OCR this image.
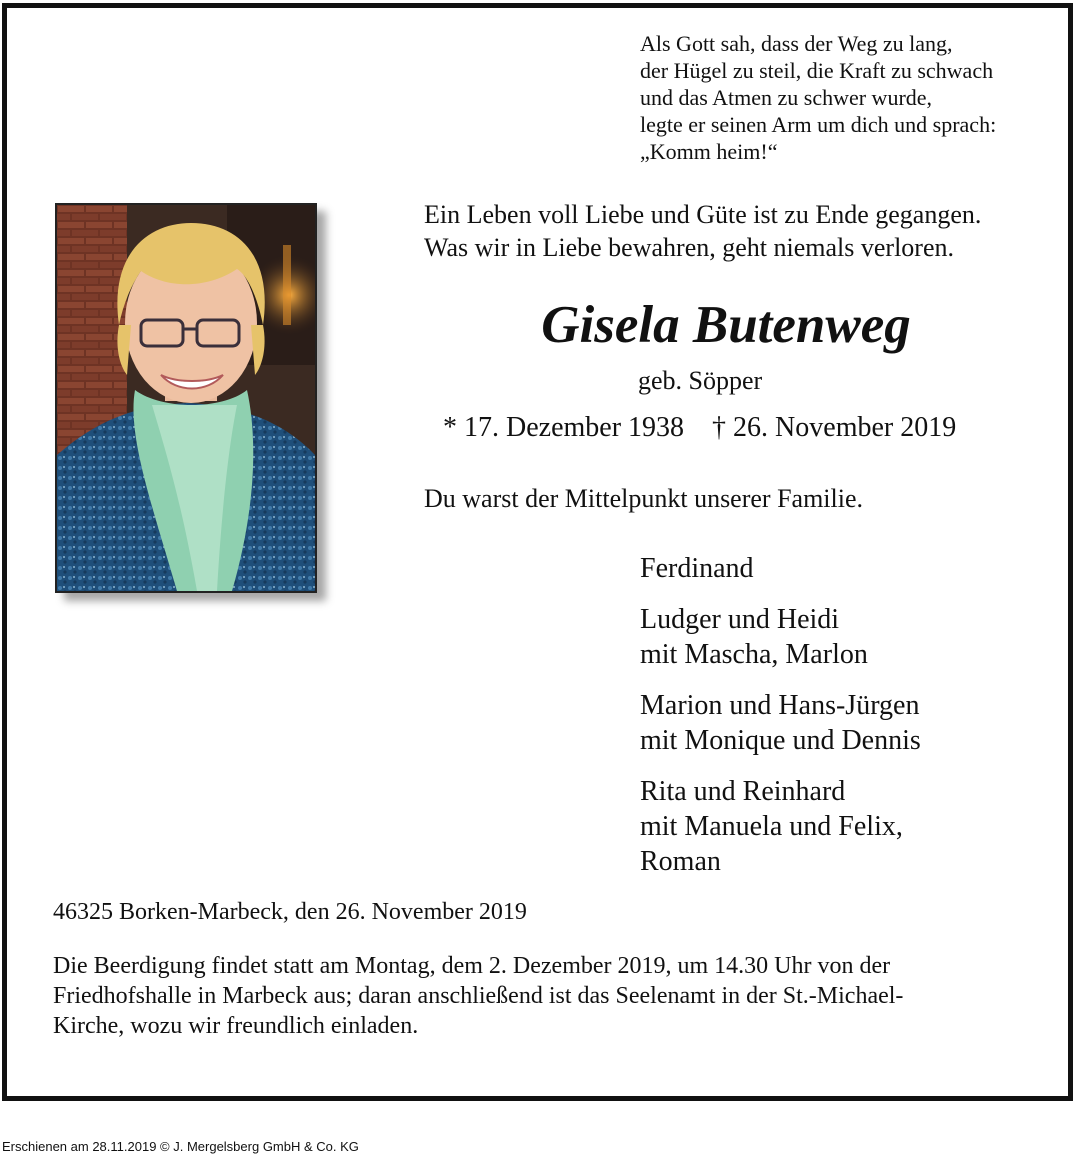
Als Gott sah, dass der Weg zu lang,
der Hügel zu steil, die Kraft zu schwach
und das Atmen zu schwer wurde,
legte er seinen Arm um dich und sprach:
„Komm heim!“
Ein Leben voll Liebe und Güte ist zu Ende gegangen.
Was wir in Liebe bewahren, geht niemals verloren.
Gisela Butenweg
geb. Söpper
* 17. Dezember 1938 † 26. November 2019
Du warst der Mittelpunkt unserer Familie.
Ferdinand
Ludger und Heidi
mit Mascha, Marlon
Marion und Hans-Jürgen
mit Monique und Dennis
Rita und Reinhard
mit Manuela und Felix,
Roman
46325 Borken-Marbeck, den 26. November 2019
Die Beerdigung findet statt am Montag, dem 2. Dezember 2019, um 14.30 Uhr von der
Friedhofshalle in Marbeck aus; daran anschließend ist das Seelenamt in der St.-Michael-
Kirche, wozu wir freundlich einladen.
Erschienen am 28.11.2019 © J. Mergelsberg GmbH & Co. KG
